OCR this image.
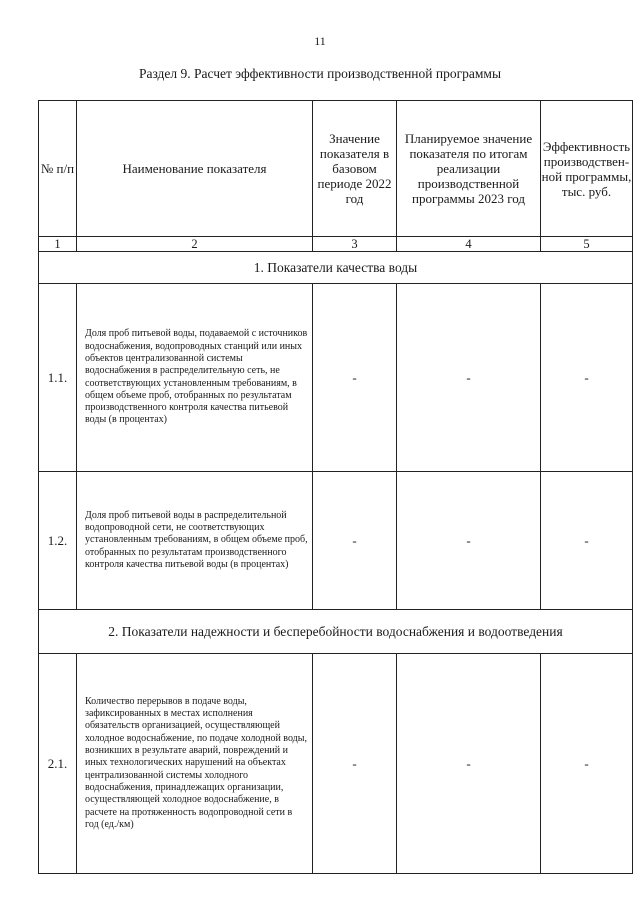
11
Раздел 9. Расчет эффективности производственной программы
№ п/п	Наименование показателя	Значение показателя в базовом периоде 2022 год	Планируемое значение показателя по итогам реализации производственной программы 2023 год	Эффективность производствен-ной программы, тыс. руб.
1	2	3	4	5
1. Показатели качества воды				
1.1.	Доля проб питьевой воды, подаваемой с источников водоснабжения, водопроводных станций или иных объектов централизованной системы водоснабжения в распределительную сеть, не соответствующих установленным требованиям, в общем объеме проб, отобранных по результатам производственного контроля качества питьевой воды (в процентах)	-	-	-
1.2.	Доля проб питьевой воды в распределительной водопроводной сети, не соответствующих установленным требованиям, в общем объеме проб, отобранных по результатам производственного контроля качества питьевой воды (в процентах)	-	-	-
2. Показатели надежности и бесперебойности водоснабжения и водоотведения				
2.1.	Количество перерывов в подаче воды, зафиксированных в местах исполнения обязательств организацией, осуществляющей холодное водоснабжение, по подаче холодной воды, возникших в результате аварий, повреждений и иных технологических нарушений на объектах централизованной системы холодного водоснабжения, принадлежащих организации, осуществляющей холодное водоснабжение, в расчете на протяженность водопроводной сети в год (ед./км)	-	-	-
